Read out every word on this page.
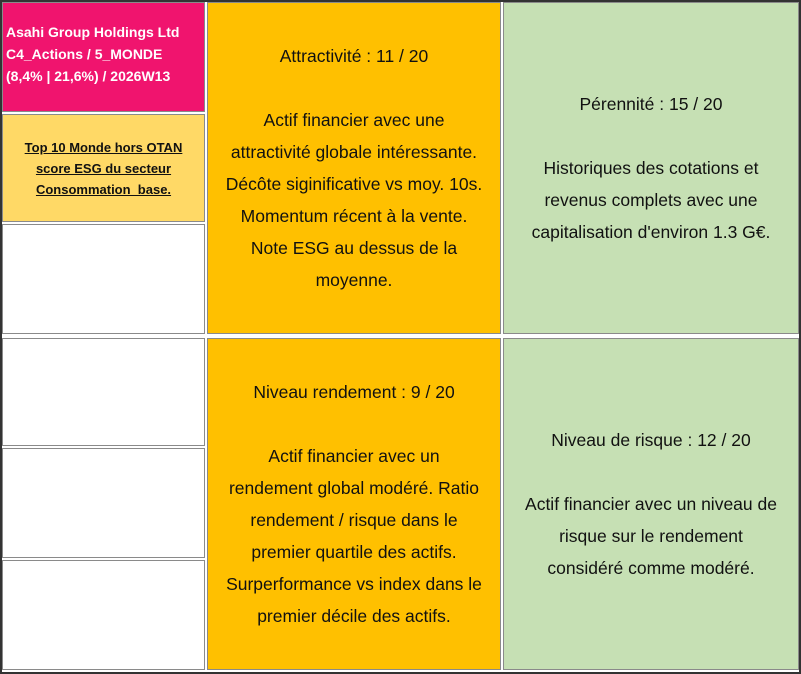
Asahi Group Holdings Ltd
C4_Actions / 5_MONDE
(8,4% | 21,6%) / 2026W13
Top 10 Monde hors OTAN score ESG du secteur Consommation_base.
Attractivité : 11 / 20
Actif financier avec une
attractivité globale intéressante.
Décôte siginificative vs moy. 10s.
Momentum récent à la vente.
Note ESG au dessus de la
moyenne.
Pérennité : 15 / 20
Historiques des cotations et
revenus complets avec une
capitalisation d'environ 1.3 G€.
Niveau rendement : 9 / 20
Actif financier avec un
rendement global modéré. Ratio
rendement / risque dans le
premier quartile des actifs.
Surperformance vs index dans le
premier décile des actifs.
Niveau de risque : 12 / 20
Actif financier avec un niveau de
risque sur le rendement
considéré comme modéré.
